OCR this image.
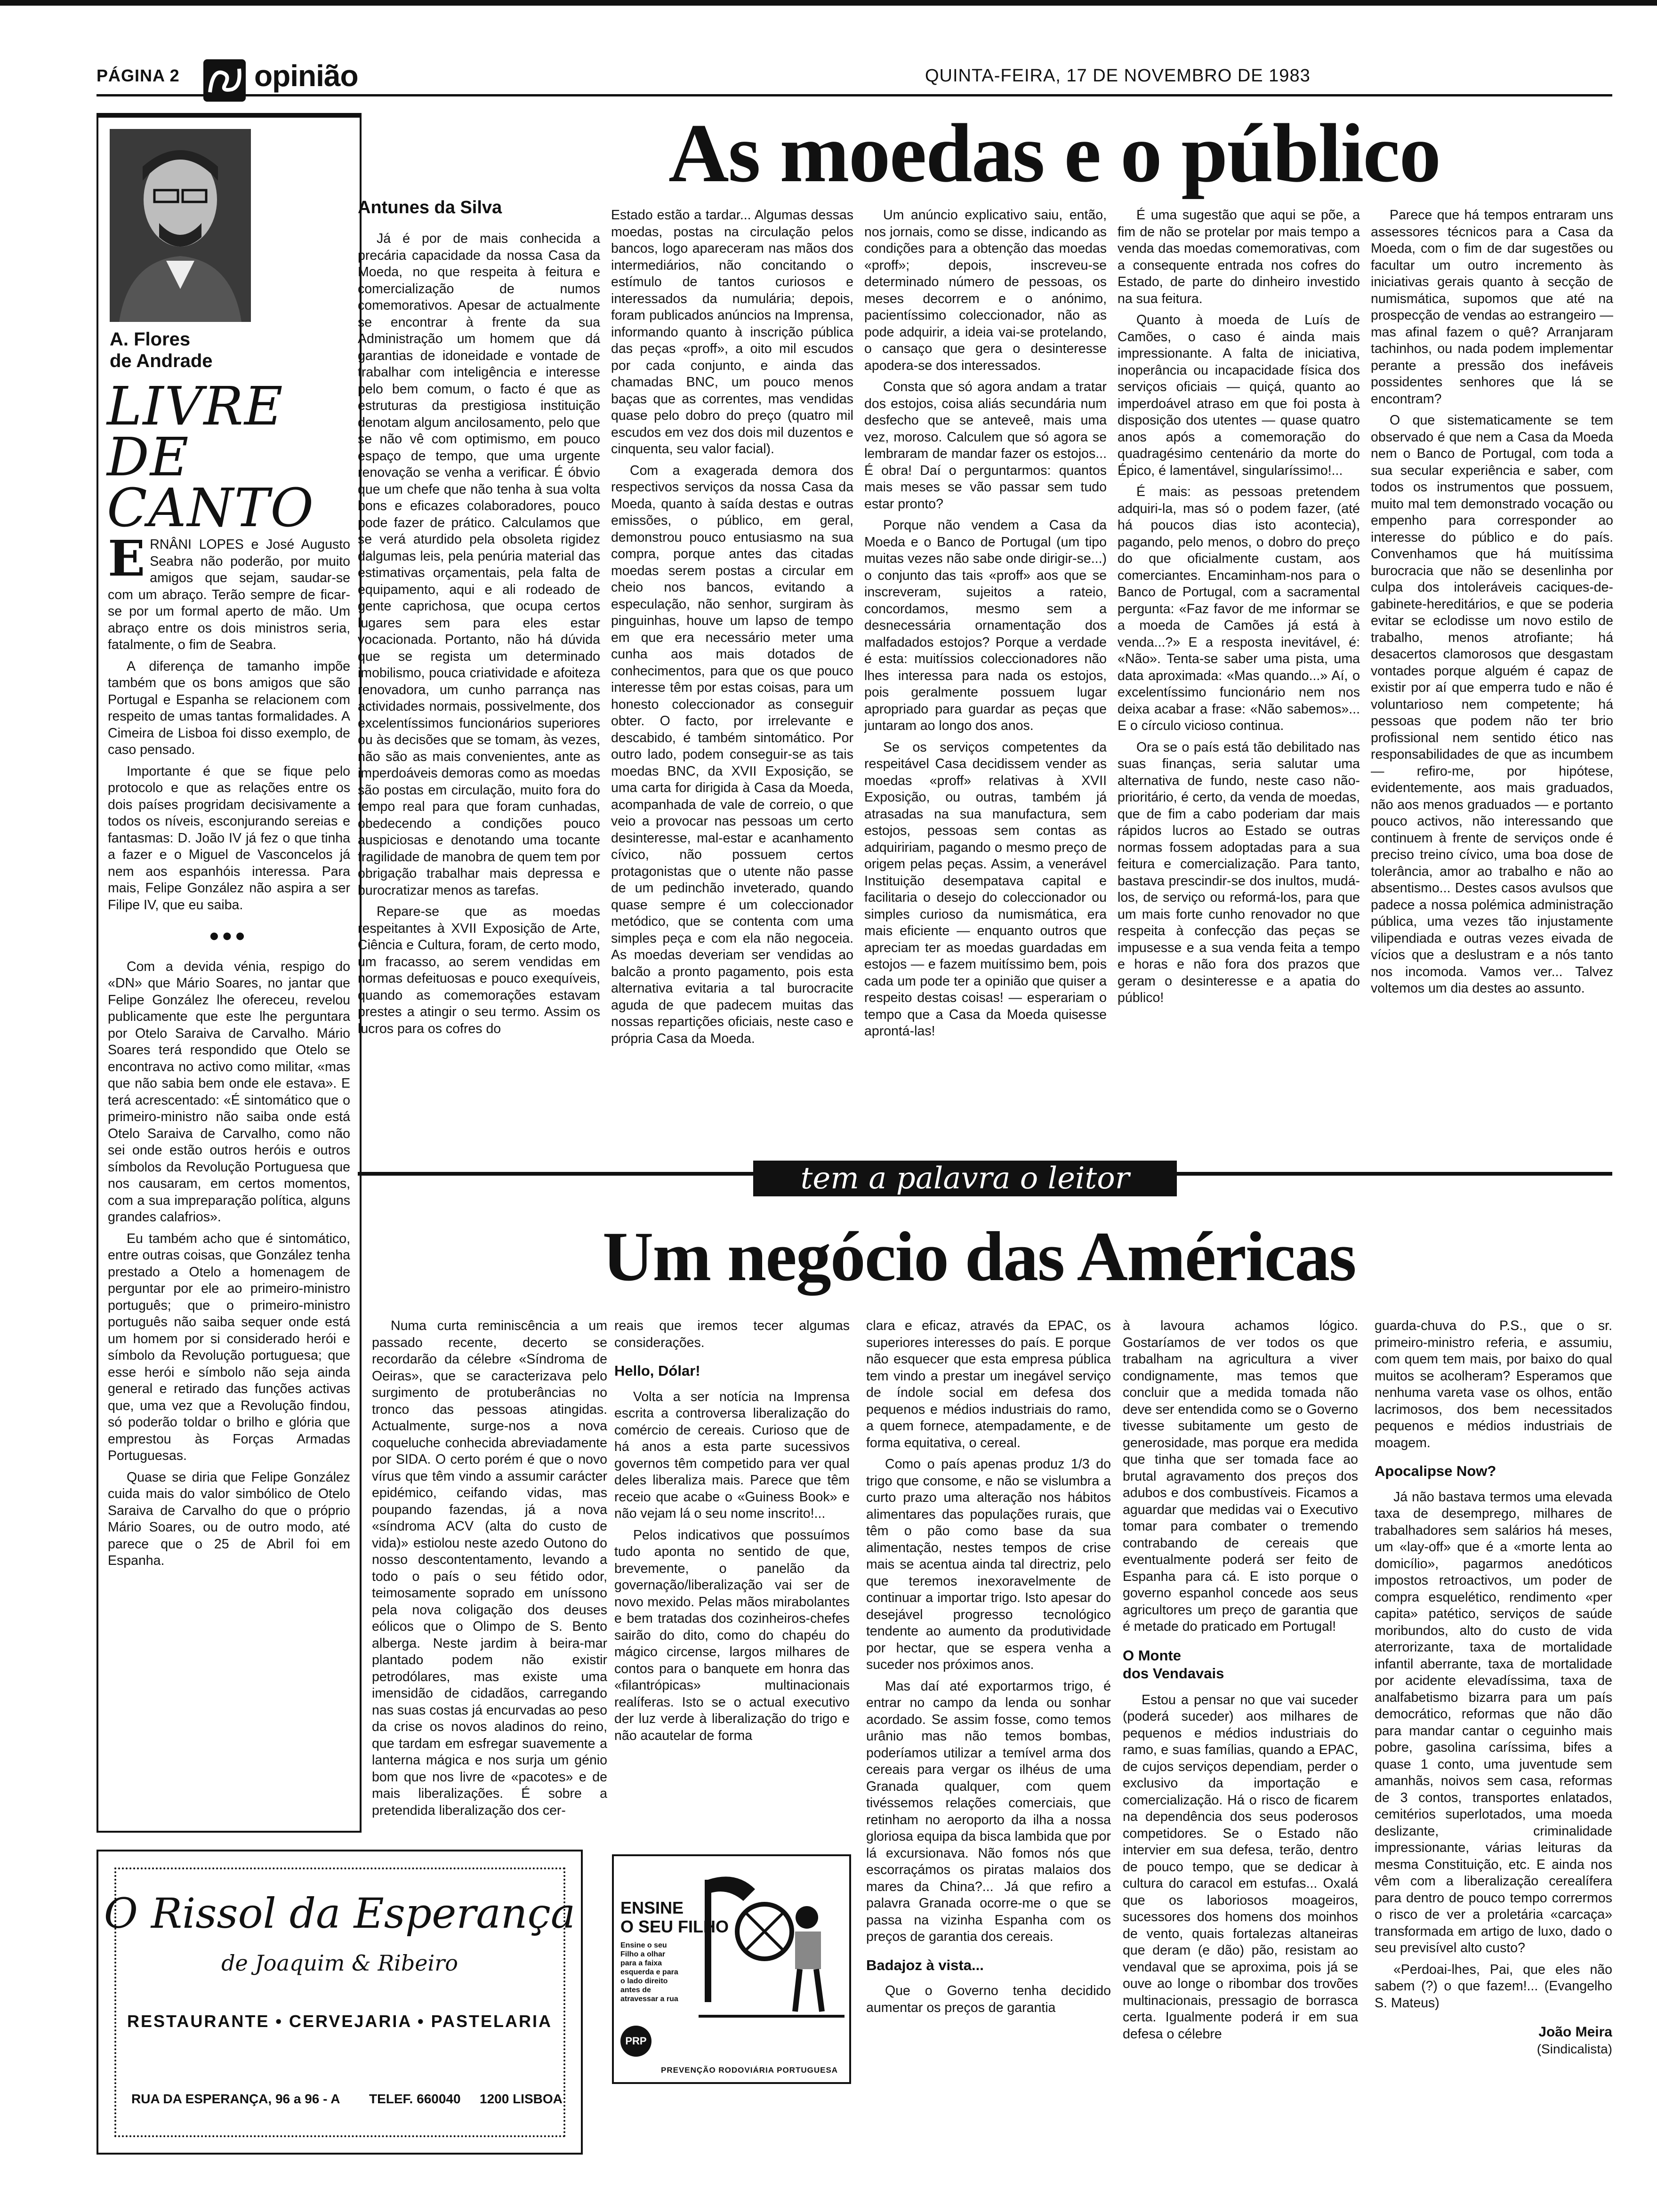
PÁGINA 2 opinião	QUINTA-FEIRA, 17 DE NOVEMBRO DE 1983
A. Flores
de Andrade
LIVRE
DE
CANTO

ERNÂNI LOPES e José Augusto Seabra não poderão, por muito amigos que sejam, saudar-se com um abraço. Terão sempre de ficar-se por um formal aperto de mão. Um abraço entre os dois ministros seria, fatalmente, o fim de Seabra.

A diferença de tamanho impõe também que os bons amigos que são Portugal e Espanha se relacionem com respeito de umas tantas formalidades. A Cimeira de Lisboa foi disso exemplo, de caso pensado.

Importante é que se fique pelo protocolo e que as relações entre os dois países progridam decisivamente a todos os níveis, esconjurando sereias e fantasmas: D. João IV já fez o que tinha a fazer e o Miguel de Vasconcelos já nem aos espanhóis interessa. Para mais, Felipe González não aspira a ser Filipe IV, que eu saiba.

•••

Com a devida vénia, respigo do «DN» que Mário Soares, no jantar que Felipe González lhe ofereceu, revelou publicamente que este lhe perguntara por Otelo Saraiva de Carvalho. Mário Soares terá respondido que Otelo se encontrava no activo como militar, «mas que não sabia bem onde ele estava». E terá acrescentado: «É sintomático que o primeiro-ministro não saiba onde está Otelo Saraiva de Carvalho, como não sei onde estão outros heróis e outros símbolos da Revolução Portuguesa que nos causaram, em certos momentos, com a sua impreparação política, alguns grandes calafrios».

Eu também acho que é sintomático, entre outras coisas, que González tenha prestado a Otelo a homenagem de perguntar por ele ao primeiro-ministro português; que o primeiro-ministro português não saiba sequer onde está um homem por si considerado herói e símbolo da Revolução portuguesa; que esse herói e símbolo não seja ainda general e retirado das funções activas que, uma vez que a Revolução findou, só poderão toldar o brilho e glória que emprestou às Forças Armadas Portuguesas.

Quase se diria que Felipe González cuida mais do valor simbólico de Otelo Saraiva de Carvalho do que o próprio Mário Soares, ou de outro modo, até parece que o 25 de Abril foi em Espanha.

As moedas e o público
Antunes da Silva

Já é por de mais conhecida a precária capacidade da nossa Casa da Moeda, no que respeita à feitura e comercialização de numos comemorativos. Apesar de actualmente se encontrar à frente da sua Administração um homem que dá garantias de idoneidade e vontade de trabalhar com inteligência e interesse pelo bem comum, o facto é que as estruturas da prestigiosa instituição denotam algum ancilosamento, pelo que se não vê com optimismo, em pouco espaço de tempo, que uma urgente renovação se venha a verificar. É óbvio que um chefe que não tenha à sua volta bons e eficazes colaboradores, pouco pode fazer de prático. Calculamos que se verá aturdido pela obsoleta rigidez dalgumas leis, pela penúria material das estimativas orçamentais, pela falta de equipamento, aqui e ali rodeado de gente caprichosa, que ocupa certos lugares sem para eles estar vocacionada. Portanto, não há dúvida que se regista um determinado imobilismo, pouca criatividade e afoiteza renovadora, um cunho parrança nas actividades normais, possivelmente, dos excelentíssimos funcionários superiores ou às decisões que se tomam, às vezes, não são as mais convenientes, ante as imperdoáveis demoras como as moedas são postas em circulação, muito fora do tempo real para que foram cunhadas, obedecendo a condições pouco auspiciosas e denotando uma tocante fragilidade de manobra de quem tem por obrigação trabalhar mais depressa e burocratizar menos as tarefas.

Repare-se que as moedas respeitantes à XVII Exposição de Arte, Ciência e Cultura, foram, de certo modo, um fracasso, ao serem vendidas em normas defeituosas e pouco exequíveis, quando as comemorações estavam prestes a atingir o seu termo. Assim os lucros para os cofres do

Estado estão a tardar... Algumas dessas moedas, postas na circulação pelos bancos, logo apareceram nas mãos dos intermediários, não concitando o estímulo de tantos curiosos e interessados da numulária; depois, foram publicados anúncios na Imprensa, informando quanto à inscrição pública das peças «proff», a oito mil escudos por cada conjunto, e ainda das chamadas BNC, um pouco menos baças que as correntes, mas vendidas quase pelo dobro do preço (quatro mil escudos em vez dos dois mil duzentos e cinquenta, seu valor facial).

Com a exagerada demora dos respectivos serviços da nossa Casa da Moeda, quanto à saída destas e outras emissões, o público, em geral, demonstrou pouco entusiasmo na sua compra, porque antes das citadas moedas serem postas a circular em cheio nos bancos, evitando a especulação, não senhor, surgiram às pinguinhas, houve um lapso de tempo em que era necessário meter uma cunha aos mais dotados de conhecimentos, para que os que pouco interesse têm por estas coisas, para um honesto coleccionador as conseguir obter. O facto, por irrelevante e descabido, é também sintomático. Por outro lado, podem conseguir-se as tais moedas BNC, da XVII Exposição, se uma carta for dirigida à Casa da Moeda, acompanhada de vale de correio, o que veio a provocar nas pessoas um certo desinteresse, mal-estar e acanhamento cívico, não possuem certos protagonistas que o utente não passe de um pedinchão inveterado, quando quase sempre é um coleccionador metódico, que se contenta com uma simples peça e com ela não negoceia. As moedas deveriam ser vendidas ao balcão a pronto pagamento, pois esta alternativa evitaria a tal burocracite aguda de que padecem muitas das nossas repartições oficiais, neste caso e própria Casa da Moeda.

Um anúncio explicativo saiu, então, nos jornais, como se disse, indicando as condições para a obtenção das moedas «proff»; depois, inscreveu-se determinado número de pessoas, os meses decorrem e o anónimo, pacientíssimo coleccionador, não as pode adquirir, a ideia vai-se protelando, o cansaço que gera o desinteresse apodera-se dos interessados.

Consta que só agora andam a tratar dos estojos, coisa aliás secundária num desfecho que se anteveê, mais uma vez, moroso. Calculem que só agora se lembraram de mandar fazer os estojos... É obra! Daí o perguntarmos: quantos mais meses se vão passar sem tudo estar pronto?

Porque não vendem a Casa da Moeda e o Banco de Portugal (um tipo muitas vezes não sabe onde dirigir-se...) o conjunto das tais «proff» aos que se inscreveram, sujeitos a rateio, concordamos, mesmo sem a desnecessária ornamentação dos malfadados estojos? Porque a verdade é esta: muitíssios coleccionadores não lhes interessa para nada os estojos, pois geralmente possuem lugar apropriado para guardar as peças que juntaram ao longo dos anos.

Se os serviços competentes da respeitável Casa decidissem vender as moedas «proff» relativas à XVII Exposição, ou outras, também já atrasadas na sua manufactura, sem estojos, pessoas sem contas as adquiririam, pagando o mesmo preço de origem pelas peças. Assim, a venerável Instituição desempatava capital e facilitaria o desejo do coleccionador ou simples curioso da numismática, era mais eficiente — enquanto outros que apreciam ter as moedas guardadas em estojos — e fazem muitíssimo bem, pois cada um pode ter a opinião que quiser a respeito destas coisas! — esperariam o tempo que a Casa da Moeda quisesse aprontá-las!

É uma sugestão que aqui se põe, a fim de não se protelar por mais tempo a venda das moedas comemorativas, com a consequente entrada nos cofres do Estado, de parte do dinheiro investido na sua feitura.

Quanto à moeda de Luís de Camões, o caso é ainda mais impressionante. A falta de iniciativa, inoperância ou incapacidade física dos serviços oficiais — quiçá, quanto ao imperdoável atraso em que foi posta à disposição dos utentes — quase quatro anos após a comemoração do quadragésimo centenário da morte do Épico, é lamentável, singularíssimo!...

É mais: as pessoas pretendem adquiri-la, mas só o podem fazer, (até há poucos dias isto acontecia), pagando, pelo menos, o dobro do preço do que oficialmente custam, aos comerciantes. Encaminham-nos para o Banco de Portugal, com a sacramental pergunta: «Faz favor de me informar se a moeda de Camões já está à venda...?» E a resposta inevitável, é: «Não». Tenta-se saber uma pista, uma data aproximada: «Mas quando...» Aí, o excelentíssimo funcionário nem nos deixa acabar a frase: «Não sabemos»... E o círculo vicioso continua.

Ora se o país está tão debilitado nas suas finanças, seria salutar uma alternativa de fundo, neste caso não-prioritário, é certo, da venda de moedas, que de fim a cabo poderiam dar mais rápidos lucros ao Estado se outras normas fossem adoptadas para a sua feitura e comercialização. Para tanto, bastava prescindir-se dos inultos, mudá-los, de serviço ou reformá-los, para que um mais forte cunho renovador no que respeita à confecção das peças se impusesse e a sua venda feita a tempo e horas e não fora dos prazos que geram o desinteresse e a apatia do público!

Parece que há tempos entraram uns assessores técnicos para a Casa da Moeda, com o fim de dar sugestões ou facultar um outro incremento às iniciativas gerais quanto à secção de numismática, supomos que até na prospecção de vendas ao estrangeiro — mas afinal fazem o quê? Arranjaram tachinhos, ou nada podem implementar perante a pressão dos inefáveis possidentes senhores que lá se encontram?

O que sistematicamente se tem observado é que nem a Casa da Moeda nem o Banco de Portugal, com toda a sua secular experiência e saber, com todos os instrumentos que possuem, muito mal tem demonstrado vocação ou empenho para corresponder ao interesse do público e do país. Convenhamos que há muitíssima burocracia que não se desenlinha por culpa dos intoleráveis caciques-de-gabinete-hereditários, e que se poderia evitar se eclodisse um novo estilo de trabalho, menos atrofiante; há desacertos clamorosos que desgastam vontades porque alguém é capaz de existir por aí que emperra tudo e não é voluntarioso nem competente; há pessoas que podem não ter brio profissional nem sentido ético nas responsabilidades de que as incumbem — refiro-me, por hipótese, evidentemente, aos mais graduados, não aos menos graduados — e portanto pouco activos, não interessando que continuem à frente de serviços onde é preciso treino cívico, uma boa dose de tolerância, amor ao trabalho e não ao absentismo... Destes casos avulsos que padece a nossa polémica administração pública, uma vezes tão injustamente vilipendiada e outras vezes eivada de vícios que a deslustram e a nós tanto nos incomoda. Vamos ver... Talvez voltemos um dia destes ao assunto.

tem a palavra o leitor
Um negócio das Américas

Numa curta reminiscência a um passado recente, decerto se recordarão da célebre «Síndroma de Oeiras», que se caracterizava pelo surgimento de protuberâncias no tronco das pessoas atingidas. Actualmente, surge-nos a nova coqueluche conhecida abreviadamente por SIDA. O certo porém é que o novo vírus que têm vindo a assumir carácter epidémico, ceifando vidas, mas poupando fazendas, já a nova «síndroma ACV (alta do custo de vida)» estiolou neste azedo Outono do nosso descontentamento, levando a todo o país o seu fétido odor, teimosamente soprado em uníssono pela nova coligação dos deuses eólicos que o Olimpo de S. Bento alberga. Neste jardim à beira-mar plantado podem não existir petrodólares, mas existe uma imensidão de cidadãos, carregando nas suas costas já encurvadas ao peso da crise os novos aladinos do reino, que tardam em esfregar suavemente a lanterna mágica e nos surja um génio bom que nos livre de «pacotes» e de mais liberalizações. É sobre a pretendida liberalização dos cer-

reais que iremos tecer algumas considerações.

Hello, Dólar!

Volta a ser notícia na Imprensa escrita a controversa liberalização do comércio de cereais. Curioso que de há anos a esta parte sucessivos governos têm competido para ver qual deles liberaliza mais. Parece que têm receio que acabe o «Guiness Book» e não vejam lá o seu nome inscrito!...

Pelos indicativos que possuímos tudo aponta no sentido de que, brevemente, o panelão da governação/liberalização vai ser de novo mexido. Pelas mãos mirabolantes e bem tratadas dos cozinheiros-chefes sairão do dito, como do chapéu do mágico circense, largos milhares de contos para o banquete em honra das «filantrópicas» multinacionais realíferas. Isto se o actual executivo der luz verde à liberalização do trigo e não acautelar de forma

clara e eficaz, através da EPAC, os superiores interesses do país. E porque não esquecer que esta empresa pública tem vindo a prestar um inegável serviço de índole social em defesa dos pequenos e médios industriais do ramo, a quem fornece, atempadamente, e de forma equitativa, o cereal.

Como o país apenas produz 1/3 do trigo que consome, e não se vislumbra a curto prazo uma alteração nos hábitos alimentares das populações rurais, que têm o pão como base da sua alimentação, nestes tempos de crise mais se acentua ainda tal directriz, pelo que teremos inexoravelmente de continuar a importar trigo. Isto apesar do desejável progresso tecnológico tendente ao aumento da produtividade por hectar, que se espera venha a suceder nos próximos anos.

Mas daí até exportarmos trigo, é entrar no campo da lenda ou sonhar acordado. Se assim fosse, como temos urânio mas não temos bombas, poderíamos utilizar a temível arma dos cereais para vergar os ilhéus de uma Granada qualquer, com quem tivéssemos relações comerciais, que retinham no aeroporto da ilha a nossa gloriosa equipa da bisca lambida que por lá excursionava. Não fomos nós que escorraçámos os piratas malaios dos mares da China?... Já que refiro a palavra Granada ocorre-me o que se passa na vizinha Espanha com os preços de garantia dos cereais.

Badajoz à vista...

Que o Governo tenha decidido aumentar os preços de garantia

à lavoura achamos lógico. Gostaríamos de ver todos os que trabalham na agricultura a viver condignamente, mas temos que concluir que a medida tomada não deve ser entendida como se o Governo tivesse subitamente um gesto de generosidade, mas porque era medida que tinha que ser tomada face ao brutal agravamento dos preços dos adubos e dos combustíveis. Ficamos a aguardar que medidas vai o Executivo tomar para combater o tremendo contrabando de cereais que eventualmente poderá ser feito de Espanha para cá. E isto porque o governo espanhol concede aos seus agricultores um preço de garantia que é metade do praticado em Portugal!

O Monte
dos Vendavais

Estou a pensar no que vai suceder (poderá suceder) aos milhares de pequenos e médios industriais do ramo, e suas famílias, quando a EPAC, de cujos serviços dependiam, perder o exclusivo da importação e comercialização. Há o risco de ficarem na dependência dos seus poderosos competidores. Se o Estado não intervier em sua defesa, terão, dentro de pouco tempo, que se dedicar à cultura do caracol em estufas... Oxalá que os laboriosos moageiros, sucessores dos homens dos moinhos de vento, quais fortalezas altaneiras que deram (e dão) pão, resistam ao vendaval que se aproxima, pois já se ouve ao longe o ribombar dos trovões multinacionais, pressagio de borrasca certa. Igualmente poderá ir em sua defesa o célebre

guarda-chuva do P.S., que o sr. primeiro-ministro referia, e assumiu, com quem tem mais, por baixo do qual muitos se acolheram? Esperamos que nenhuma vareta vase os olhos, então lacrimosos, dos bem necessitados pequenos e médios industriais de moagem.

Apocalipse Now?

Já não bastava termos uma elevada taxa de desemprego, milhares de trabalhadores sem salários há meses, um «lay-off» que é a «morte lenta ao domicílio», pagarmos anedóticos impostos retroactivos, um poder de compra esquelético, rendimento «per capita» patético, serviços de saúde moribundos, alto do custo de vida aterrorizante, taxa de mortalidade infantil aberrante, taxa de mortalidade por acidente elevadíssima, taxa de analfabetismo bizarra para um país democrático, reformas que não dão para mandar cantar o ceguinho mais pobre, gasolina caríssima, bifes a quase 1 conto, uma juventude sem amanhãs, noivos sem casa, reformas de 3 contos, transportes enlatados, cemitérios superlotados, uma moeda deslizante, criminalidade impressionante, várias leituras da mesma Constituição, etc. E ainda nos vêm com a liberalização cerealífera para dentro de pouco tempo corrermos o risco de ver a proletária «carcaça» transformada em artigo de luxo, dado o seu previsível alto custo?

«Perdoai-lhes, Pai, que eles não sabem (?) o que fazem!... (Evangelho S. Mateus)

João Meira
(Sindicalista)
O Rissol da Esperança
de Joaquim & Ribeiro
RESTAURANTE • CERVEJARIA • PASTELARIA
RUA DA ESPERANÇA, 96 a 96 - A TELEF. 660040 1200 LISBOA
ENSINE
O SEU FILHO
Ensine o seu Filho a olhar para a faixa esquerda e para o lado direito antes de atravessar a rua
PRP
PREVENÇÃO RODOVIÁRIA PORTUGUESA
